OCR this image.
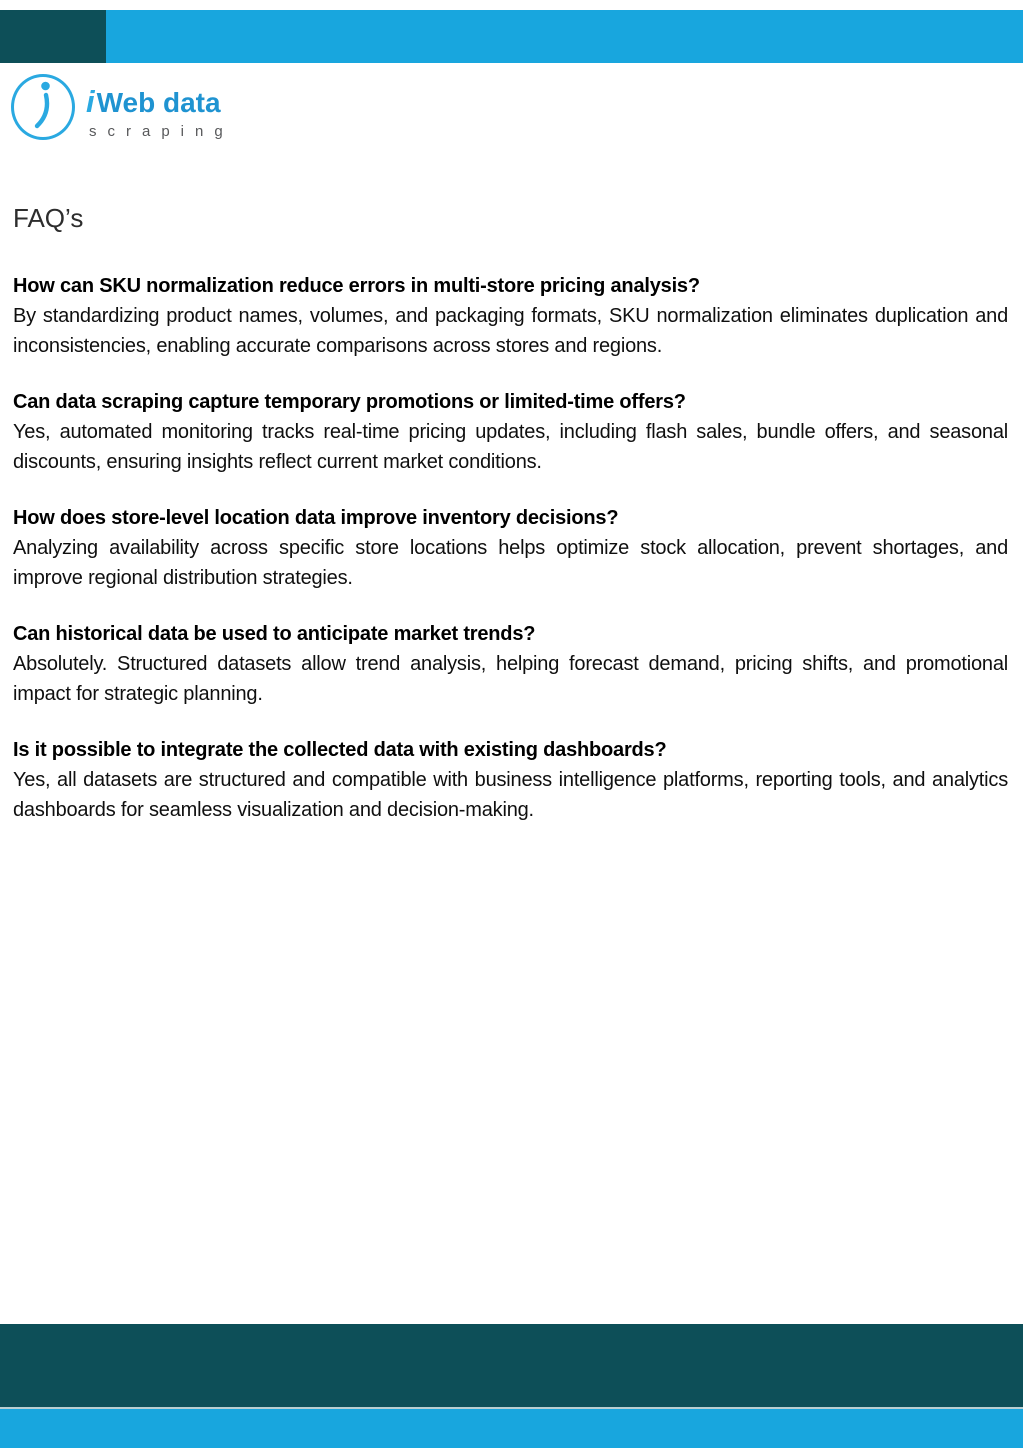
iWeb data
scraping
FAQ’s

How can SKU normalization reduce errors in multi-store pricing analysis?

By standardizing product names, volumes, and packaging formats, SKU normalization eliminates duplication and inconsistencies, enabling accurate comparisons across stores and regions.

Can data scraping capture temporary promotions or limited-time offers?

Yes, automated monitoring tracks real-time pricing updates, including flash sales, bundle offers, and seasonal discounts, ensuring insights reflect current market conditions.

How does store-level location data improve inventory decisions?

Analyzing availability across specific store locations helps optimize stock allocation, prevent shortages, and improve regional distribution strategies.

Can historical data be used to anticipate market trends?

Absolutely. Structured datasets allow trend analysis, helping forecast demand, pricing shifts, and promotional impact for strategic planning.

Is it possible to integrate the collected data with existing dashboards?

Yes, all datasets are structured and compatible with business intelligence platforms, reporting tools, and analytics dashboards for seamless visualization and decision-making.
